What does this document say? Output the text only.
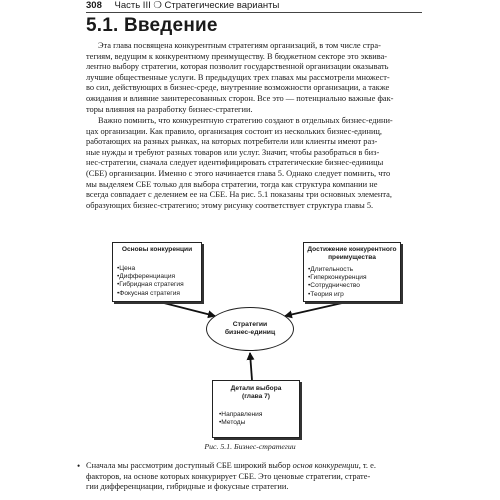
308 Часть III ❍ Стратегические варианты
5.1. Введение
Эта глава посвящена конкурентным стратегиям организаций, в том числе стра-
тегиям, ведущим к конкурентному преимуществу. В бюджетном секторе это эквива-
лентно выбору стратегии, которая позволит государственной организации оказывать
лучшие общественные услуги. В предыдущих трех главах мы рассмотрели множест-
во сил, действующих в бизнес-среде, внутренние возможности организации, а также
ожидания и влияние заинтересованных сторон. Все это — потенциально важные фак-
торы влияния на разработку бизнес-стратегии.
Важно помнить, что конкурентную стратегию создают в отдельных бизнес-едини-
цах организации. Как правило, организация состоит из нескольких бизнес-единиц,
работающих на разных рынках, на которых потребители или клиенты имеют раз-
ные нужды и требуют разных товаров или услуг. Значит, чтобы разобраться в биз-
нес-стратегии, сначала следует идентифицировать стратегические бизнес-единицы
(СБЕ) организации. Именно с этого начинается глава 5. Однако следует помнить, что
мы выделяем СБЕ только для выбора стратегии, тогда как структура компании не
всегда совпадает с делением ее на СБЕ. На рис. 5.1 показаны три основных элемента,
образующих бизнес-стратегию; этому рисунку соответствует структура главы 5.
Основы конкуренции
•Цена
•Дифференциация
•Гибридная стратегия
•Фокусная стратегия
Достижение конкурентного
преимущества
•Длительность
•Гиперконкуренция
•Сотрудничество
•Теория игр
Стратегии
бизнес-единиц
Детали выбора
(глава 7)
•Направления
•Методы
Рис. 5.1. Бизнес-стратегии
• Сначала мы рассмотрим доступный СБЕ широкий выбор основ конкуренции, т. е.
факторов, на основе которых конкурирует СБЕ. Это ценовые стратегии, страте-
гии дифференциации, гибридные и фокусные стратегии.
